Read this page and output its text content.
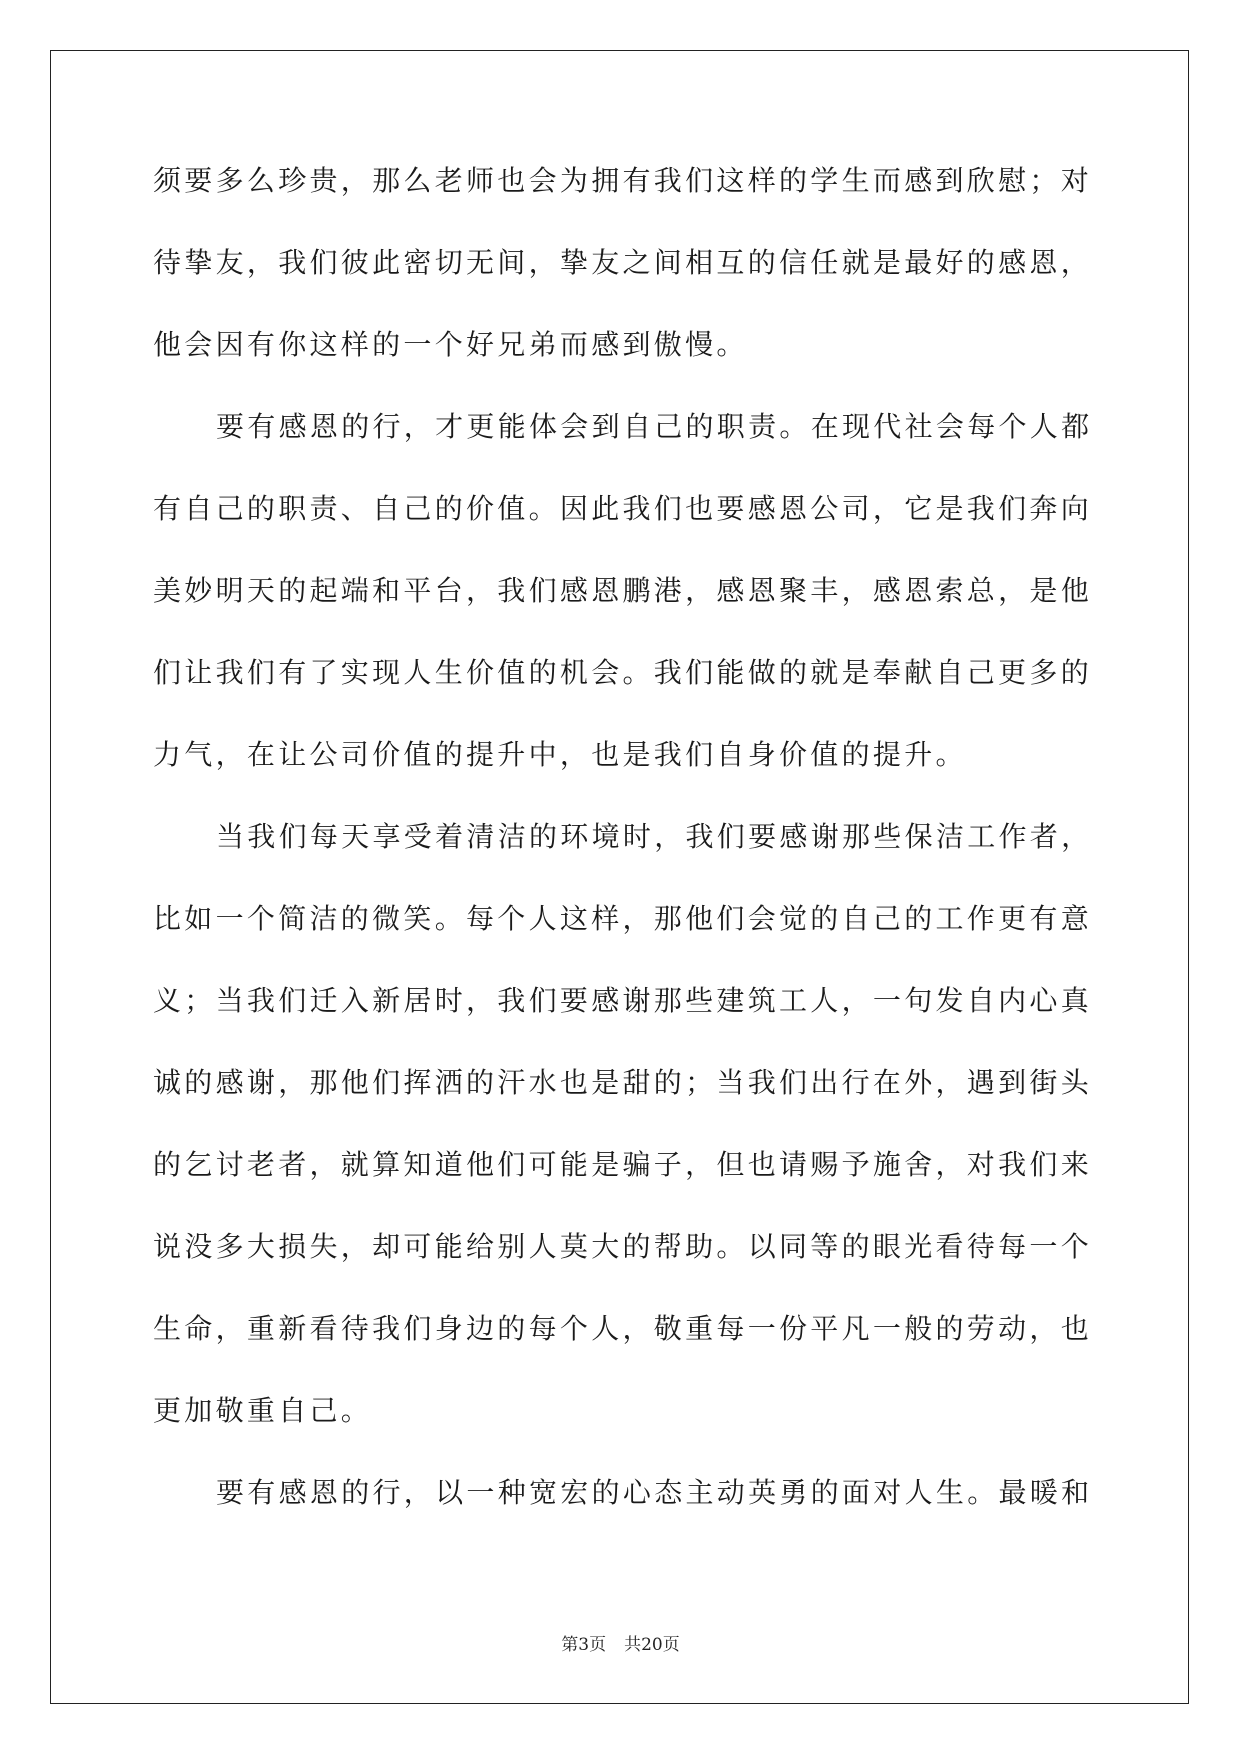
须要多么珍贵，那么老师也会为拥有我们这样的学生而感到欣慰；对
待挚友，我们彼此密切无间，挚友之间相互的信任就是最好的感恩，
他会因有你这样的一个好兄弟而感到傲慢。
要有感恩的行，才更能体会到自己的职责。在现代社会每个人都
有自己的职责、自己的价值。因此我们也要感恩公司，它是我们奔向
美妙明天的起端和平台，我们感恩鹏港，感恩聚丰，感恩索总，是他
们让我们有了实现人生价值的机会。我们能做的就是奉献自己更多的
力气，在让公司价值的提升中，也是我们自身价值的提升。
当我们每天享受着清洁的环境时，我们要感谢那些保洁工作者，
比如一个简洁的微笑。每个人这样，那他们会觉的自己的工作更有意
义；当我们迁入新居时，我们要感谢那些建筑工人，一句发自内心真
诚的感谢，那他们挥洒的汗水也是甜的；当我们出行在外，遇到街头
的乞讨老者，就算知道他们可能是骗子，但也请赐予施舍，对我们来
说没多大损失，却可能给别人莫大的帮助。以同等的眼光看待每一个
生命，重新看待我们身边的每个人，敬重每一份平凡一般的劳动，也
更加敬重自己。
要有感恩的行，以一种宽宏的心态主动英勇的面对人生。最暖和
第3页 共20页
